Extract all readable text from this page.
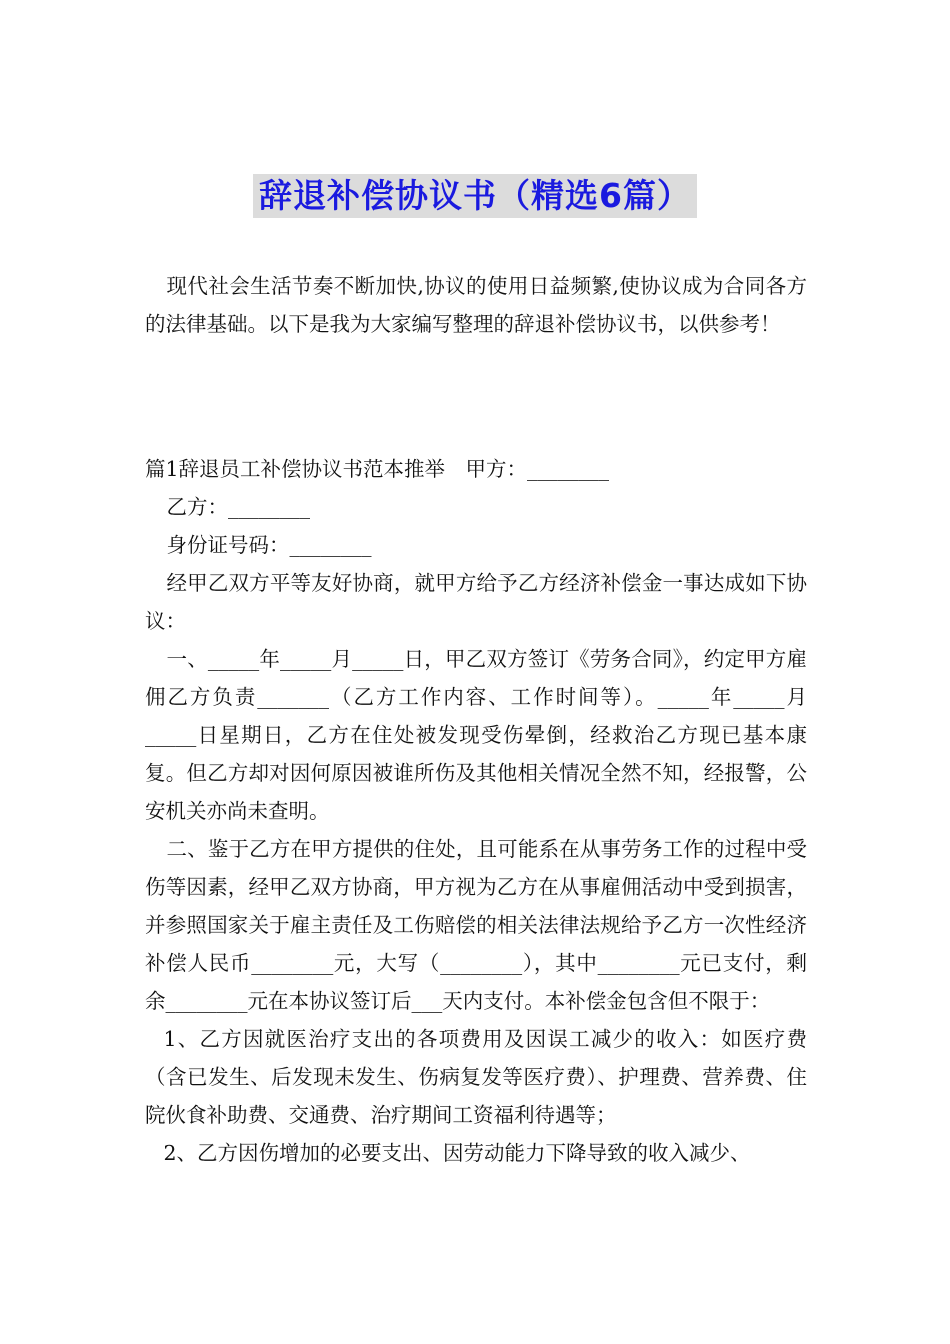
辞退补偿协议书（精选6篇）

现代社会生活节奏不断加快,协议的使用日益频繁,使协议成为合同各方的法律基础。以下是我为大家编写整理的辞退补偿协议书，以供参考！

篇1辞退员工补偿协议书范本推举　甲方：________

乙方：________

身份证号码：________

经甲乙双方平等友好协商，就甲方给予乙方经济补偿金一事达成如下协议：

一、_____年_____月_____日，甲乙双方签订《劳务合同》，约定甲方雇佣乙方负责_______（乙方工作内容、工作时间等）。_____年_____月_____日星期日，乙方在住处被发现受伤晕倒，经救治乙方现已基本康复。但乙方却对因何原因被谁所伤及其他相关情况全然不知，经报警，公安机关亦尚未查明。

二、鉴于乙方在甲方提供的住处，且可能系在从事劳务工作的过程中受伤等因素，经甲乙双方协商，甲方视为乙方在从事雇佣活动中受到损害，并参照国家关于雇主责任及工伤赔偿的相关法律法规给予乙方一次性经济补偿人民币________元，大写（________），其中________元已支付，剩余________元在本协议签订后___天内支付。本补偿金包含但不限于：

1、乙方因就医治疗支出的各项费用及因误工减少的收入：如医疗费（含已发生、后发现未发生、伤病复发等医疗费）、护理费、营养费、住院伙食补助费、交通费、治疗期间工资福利待遇等；

2、乙方因伤增加的必要支出、因劳动能力下降导致的收入减少、
